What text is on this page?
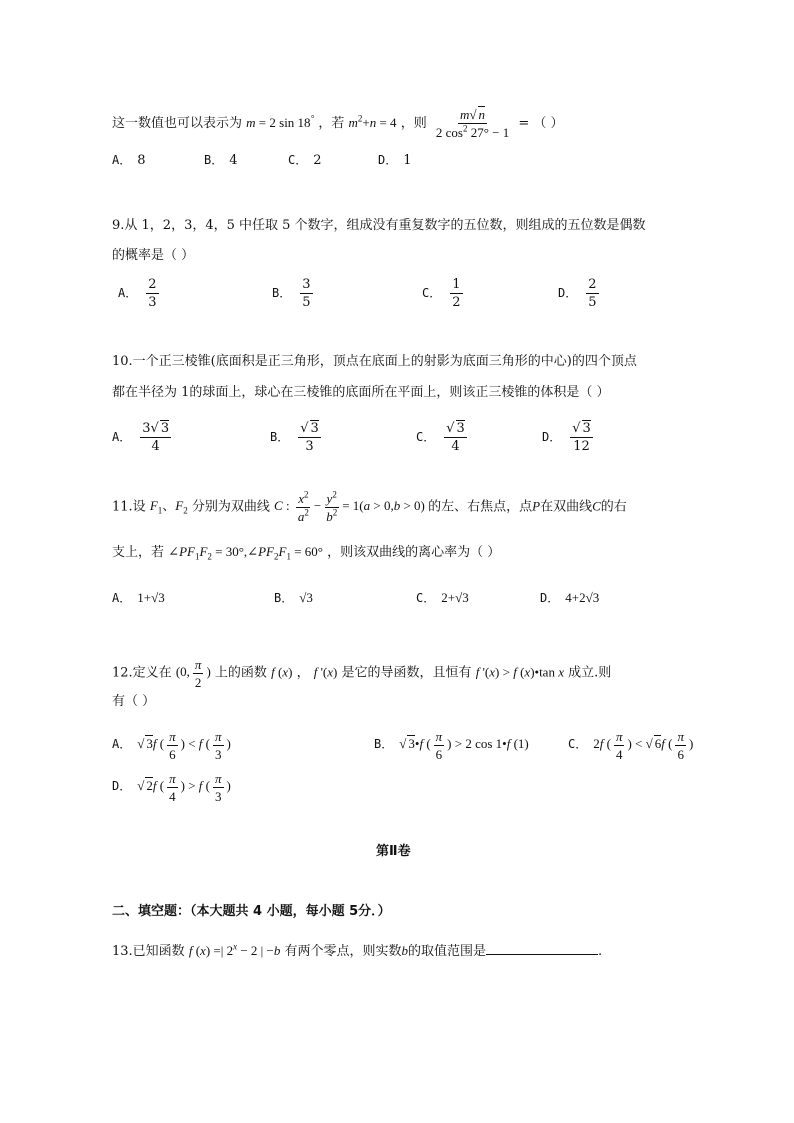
这一数值也可以表示为 m = 2 sin 18° ，若 $m^2+n = 4$ ，则 $\frac{m√ n}{2 \cos^2 27^\circ - 1}$ = （ ）
A． 8	B． 4	C． 2	D． 1
9.从 1，2，3，4，5 中任取 5 个数字，组成没有重复数字的五位数，则组成的五位数是偶数
的概率是（ ）
A． $\frac{2}{3}$	B． $\frac{3}{5}$	C． $\frac{1}{2}$	D． $\frac{2}{5}$
10.一个正三棱锥(底面积是正三角形，顶点在底面上的射影为底面三角形的中心)的四个顶点
都在半径为 1的球面上，球心在三棱锥的底面所在平面上，则该正三棱锥的体积是（ ）
A． $\frac{3√ 3}{4}$	B． $\frac{√ 3}{3}$	C． $\frac{√ 3}{4}$	D． $\frac{√ 3}{12}$
11.设 $F_1$、$F_2$ 分别为双曲线 C : $\frac{x^2}{a^2} - \frac{y^2}{b^2} = 1(a > 0,b > 0)$ 的左、右焦点，点P在双曲线C的右
支上，若 $\angle PF_1F_2$ = $30^\circ,\angle PF_2F_1 = 60^\circ$ ，则该双曲线的离心率为（ ）
A． 1+√3	B． √3	C． 2+√3	D． 4+2√3
12.定义在 (0, $\frac{\pi}{2}$ ) 上的函数 f (x) ， f '(x) 是它的导函数，且恒有 f '(x) > f (x)•tan x 成立.则
有（ ）
A． √ 3f ( $\frac{\pi}{6}$ ) < f ( $\frac{\pi}{3}$ )	B． √ 3•f ( $\frac{\pi}{6}$ ) > 2 cos 1•f (1)	C． 2f ( $\frac{\pi}{4}$ ) < √ 6f ( $\frac{\pi}{6}$ )
D． √ 2f ( $\frac{\pi}{4}$ ) > f ( $\frac{\pi}{3}$ )
第Ⅱ卷
二、填空题：（本大题共 4 小题，每小题 5分．）
13.已知函数 f (x) =| $2^x - 2$ | −b 有两个零点，则实数b的取值范围是	.
